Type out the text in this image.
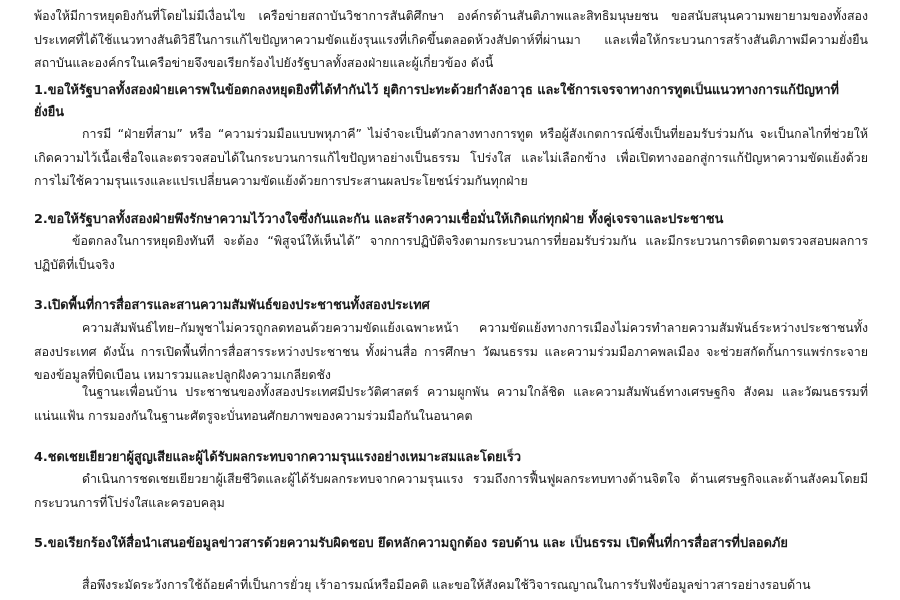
พ้องให้มีการหยุดยิงกันที่โดยไม่มีเงื่อนไข เครือข่ายสถาบันวิชาการสันติศึกษา องค์กรด้านสันติภาพและสิทธิมนุษยชน ขอสนับสนุนความพยายามของทั้งสองประเทศที่ได้ใช้แนวทางสันติวิธีในการแก้ไขปัญหาความขัดแย้งรุนแรงที่เกิดขึ้นตลอดห้วงสัปดาห์ที่ผ่านมา และเพื่อให้กระบวนการสร้างสันติภาพมีความยั่งยืน สถาบันและองค์กรในเครือข่ายจึงขอเรียกร้องไปยังรัฐบาลทั้งสองฝ่ายและผู้เกี่ยวข้อง ดังนี้

1.ขอให้รัฐบาลทั้งสองฝ่ายเคารพในข้อตกลงหยุดยิงที่ได้ทำกันไว้ ยุติการปะทะด้วยกำลังอาวุธ และใช้การเจรจาทางการทูตเป็นแนวทางการแก้ปัญหาที่ยั่งยืน

การมี “ฝ่ายที่สาม” หรือ “ความร่วมมือแบบพหุภาคี” ไม่จำจะเป็นตัวกลางทางการทูต หรือผู้สังเกตการณ์ซึ่งเป็นที่ยอมรับร่วมกัน จะเป็นกลไกที่ช่วยให้เกิดความไว้เนื้อเชื่อใจและตรวจสอบได้ในกระบวนการแก้ไขปัญหาอย่างเป็นธรรม โปร่งใส และไม่เลือกข้าง เพื่อเปิดทางออกสู่การแก้ปัญหาความขัดแย้งด้วยการไม่ใช้ความรุนแรงและแปรเปลี่ยนความขัดแย้งด้วยการประสานผลประโยชน์ร่วมกันทุกฝ่าย

2.ขอให้รัฐบาลทั้งสองฝ่ายพึงรักษาความไว้วางใจซึ่งกันและกัน และสร้างความเชื่อมั่นให้เกิดแก่ทุกฝ่าย ทั้งคู่เจรจาและประชาชน

ข้อตกลงในการหยุดยิงทันที จะต้อง “พิสูจน์ให้เห็นได้” จากการปฏิบัติจริงตามกระบวนการที่ยอมรับร่วมกัน และมีกระบวนการติดตามตรวจสอบผลการปฏิบัติที่เป็นจริง

3.เปิดพื้นที่การสื่อสารและสานความสัมพันธ์ของประชาชนทั้งสองประเทศ

ความสัมพันธ์ไทย–กัมพูชาไม่ควรถูกลดทอนด้วยความขัดแย้งเฉพาะหน้า ความขัดแย้งทางการเมืองไม่ควรทำลายความสัมพันธ์ระหว่างประชาชนทั้งสองประเทศ ดังนั้น การเปิดพื้นที่การสื่อสารระหว่างประชาชน ทั้งผ่านสื่อ การศึกษา วัฒนธรรม และความร่วมมือภาคพลเมือง จะช่วยสกัดกั้นการแพร่กระจายของข้อมูลที่บิดเบือน เหมารวมและปลูกฝังความเกลียดชัง

ในฐานะเพื่อนบ้าน ประชาชนของทั้งสองประเทศมีประวัติศาสตร์ ความผูกพัน ความใกล้ชิด และความสัมพันธ์ทางเศรษฐกิจ สังคม และวัฒนธรรมที่แน่นแฟ้น การมองกันในฐานะศัตรูจะบั่นทอนศักยภาพของความร่วมมือกันในอนาคต

4.ชดเชยเยียวยาผู้สูญเสียและผู้ได้รับผลกระทบจากความรุนแรงอย่างเหมาะสมและโดยเร็ว

ดำเนินการชดเชยเยียวยาผู้เสียชีวิตและผู้ได้รับผลกระทบจากความรุนแรง รวมถึงการฟื้นฟูผลกระทบทางด้านจิตใจ ด้านเศรษฐกิจและด้านสังคมโดยมีกระบวนการที่โปร่งใสและครอบคลุม

5.ขอเรียกร้องให้สื่อนำเสนอข้อมูลข่าวสารด้วยความรับผิดชอบ ยึดหลักความถูกต้อง รอบด้าน และ เป็นธรรม เปิดพื้นที่การสื่อสารที่ปลอดภัย

สื่อพึงระมัดระวังการใช้ถ้อยคำที่เป็นการยั่วยุ เร้าอารมณ์หรือมีอคติ และขอให้สังคมใช้วิจารณญาณในการรับฟังข้อมูลข่าวสารอย่างรอบด้าน
